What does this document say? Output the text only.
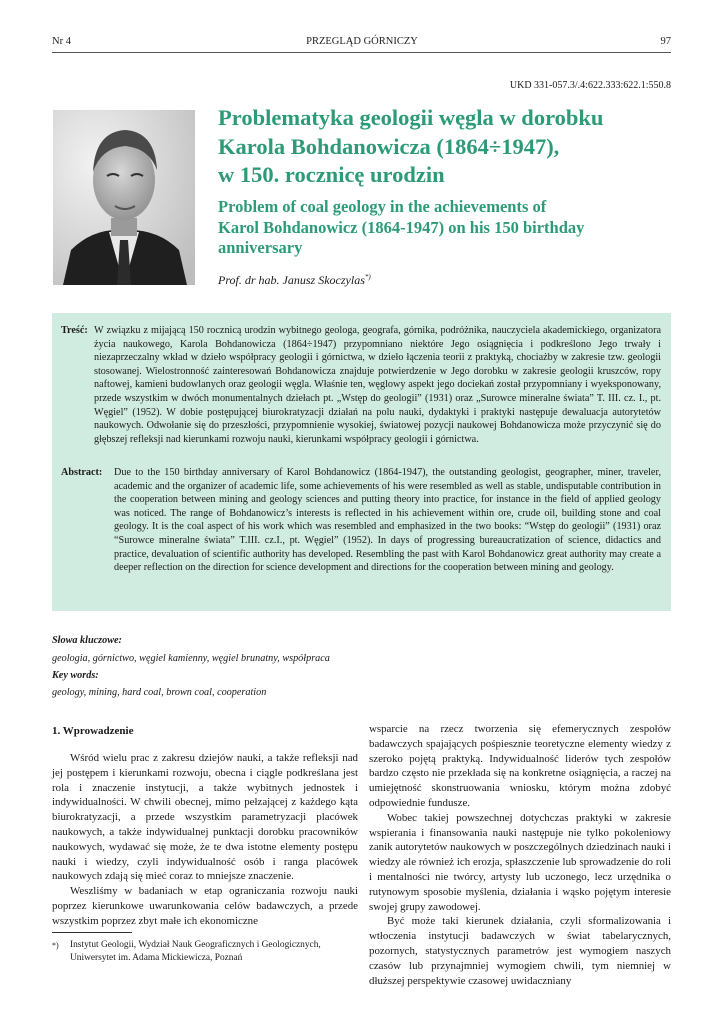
Nr 4	PRZEGLĄD GÓRNICZY	97
UKD 331-057.3/.4:622.333:622.1:550.8
Problematyka geologii węgla w dorobku
Karola Bohdanowicza (1864÷1947),
w 150. rocznicę urodzin
Problem of coal geology in the achievements of
Karol Bohdanowicz (1864-1947) on his 150 birthday
anniversary
Prof. dr hab. Janusz Skoczylas*)
Treść: W związku z mijającą 150 rocznicą urodzin wybitnego geologa, geografa, górnika, podróżnika, nauczyciela akademickiego, organizatora życia naukowego, Karola Bohdanowicza (1864÷1947) przypomniano niektóre Jego osiągnięcia i podkreślono Jego trwały i niezaprzeczalny wkład w dzieło współpracy geologii i górnictwa, w dzieło łączenia teorii z praktyką, chociażby w zakresie tzw. geologii stosowanej. Wielostronność zainteresowań Bohdanowicza znajduje potwierdzenie w Jego dorobku w zakresie geologii kruszców, ropy naftowej, kamieni budowlanych oraz geologii węgla. Właśnie ten, węglowy aspekt jego dociekań został przypomniany i wyeksponowany, przede wszystkim w dwóch monumentalnych dziełach pt. „Wstęp do geologii” (1931) oraz „Surowce mineralne świata” T. III. cz. I., pt. Węgiel” (1952). W dobie postępującej biurokratyzacji działań na polu nauki, dydaktyki i praktyki następuje dewaluacja autorytetów naukowych. Odwołanie się do przeszłości, przypomnienie wysokiej, światowej pozycji naukowej Bohdanowicza może przyczynić się do głębszej refleksji nad kierunkami rozwoju nauki, kierunkami współpracy geologii i górnictwa.
Abstract: Due to the 150 birthday anniversary of Karol Bohdanowicz (1864-1947), the outstanding geologist, geographer, miner, traveler, academic and the organizer of academic life, some achievements of his were resembled as well as stable, undisputable contribution in the cooperation between mining and geology sciences and putting theory into practice, for instance in the field of applied geology was noticed. The range of Bohdanowicz’s interests is reflected in his achievement within ore, crude oil, building stone and coal geology. It is the coal aspect of his work which was resembled and emphasized in the two books: “Wstęp do geologii” (1931) oraz “Surowce mineralne świata” T.III. cz.I., pt. Węgiel” (1952). In days of progressing bureaucratization of science, didactics and practice, devaluation of scientific authority has developed. Resembling the past with Karol Bohdanowicz great authority may create a deeper reflection on the direction for science development and directions for the cooperation between mining and geology.
Słowa kluczowe:
geologia, górnictwo, węgiel kamienny, węgiel brunatny, współpraca
Key words:
geology, mining, hard coal, brown coal, cooperation
1. Wprowadzenie

Wśród wielu prac z zakresu dziejów nauki, a także refleksji nad jej postępem i kierunkami rozwoju, obecna i ciągle podkreślana jest rola i znaczenie instytucji, a także wybitnych jednostek i indywidualności. W chwili obecnej, mimo pełzającej z każdego kąta biurokratyzacji, a przede wszystkim parametryzacji placówek naukowych, a także indywidualnej punktacji dorobku pracowników naukowych, wydawać się może, że te dwa istotne elementy postępu nauki i wiedzy, czyli indywidualność osób i ranga placówek naukowych zdają się mieć coraz to mniejsze znaczenie.

Weszliśmy w badaniach w etap ograniczania rozwoju nauki poprzez kierunkowe uwarunkowania celów badawczych, a przede wszystkim poprzez zbyt małe ich ekonomiczne

wsparcie na rzecz tworzenia się efemerycznych zespołów badawczych spajających pośpiesznie teoretyczne elementy wiedzy z szeroko pojętą praktyką. Indywidualność liderów tych zespołów bardzo często nie przekłada się na konkretne osiągnięcia, a raczej na umiejętność skonstruowania wniosku, którym można zdobyć odpowiednie fundusze.

Wobec takiej powszechnej dotychczas praktyki w zakresie wspierania i finansowania nauki następuje nie tylko pokoleniowy zanik autorytetów naukowych w poszczególnych dziedzinach nauki i wiedzy ale również ich erozja, spłaszczenie lub sprowadzenie do roli i mentalności nie twórcy, artysty lub uczonego, lecz urzędnika o rutynowym sposobie myślenia, działania i wąsko pojętym interesie swojej grupy zawodowej.

Być może taki kierunek działania, czyli sformalizowania i wtłoczenia instytucji badawczych w świat tabelarycznych, pozornych, statystycznych parametrów jest wymogiem naszych czasów lub przynajmniej wymogiem chwili, tym niemniej w dłuższej perspektywie czasowej uwidaczniany

*) Instytut Geologii, Wydział Nauk Geograficznych i Geologicznych, Uniwersytet im. Adama Mickiewicza, Poznań
